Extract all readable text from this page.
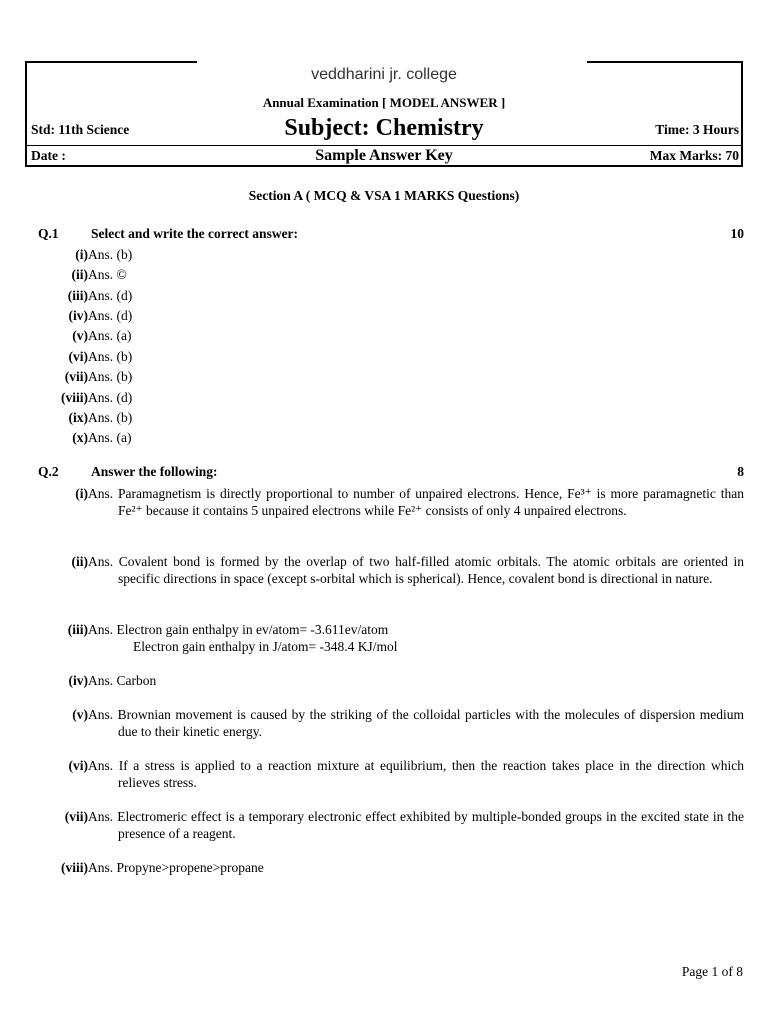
veddharini jr. college
Annual Examination [ MODEL ANSWER ]
Std: 11th Science	Subject: Chemistry	Time: 3 Hours
Date :	Sample Answer Key	Max Marks: 70
Section A ( MCQ & VSA 1 MARKS Questions)
Q.1 Select and write the correct answer:	10
(i) Ans. (b)
(ii) Ans. ©
(iii) Ans. (d)
(iv) Ans. (d)
(v) Ans. (a)
(vi) Ans. (b)
(vii) Ans. (b)
(viii) Ans. (d)
(ix) Ans. (b)
(x) Ans. (a)
Q.2 Answer the following:	8
(i) Ans. Paramagnetism is directly proportional to number of unpaired electrons. Hence, Fe³⁺ is more paramagnetic than Fe²⁺ because it contains 5 unpaired electrons while Fe²⁺ consists of only 4 unpaired electrons.
(ii) Ans. Covalent bond is formed by the overlap of two half-filled atomic orbitals. The atomic orbitals are oriented in specific directions in space (except s-orbital which is spherical). Hence, covalent bond is directional in nature.
(iii) Ans. Electron gain enthalpy in ev/atom= -3.611ev/atom
Electron gain enthalpy in J/atom= -348.4 KJ/mol
(iv) Ans. Carbon
(v) Ans. Brownian movement is caused by the striking of the colloidal particles with the molecules of dispersion medium due to their kinetic energy.
(vi) Ans. If a stress is applied to a reaction mixture at equilibrium, then the reaction takes place in the direction which relieves stress.
(vii) Ans. Electromeric effect is a temporary electronic effect exhibited by multiple-bonded groups in the excited state in the presence of a reagent.
(viii) Ans. Propyne>propene>propane
Page 1 of 8
